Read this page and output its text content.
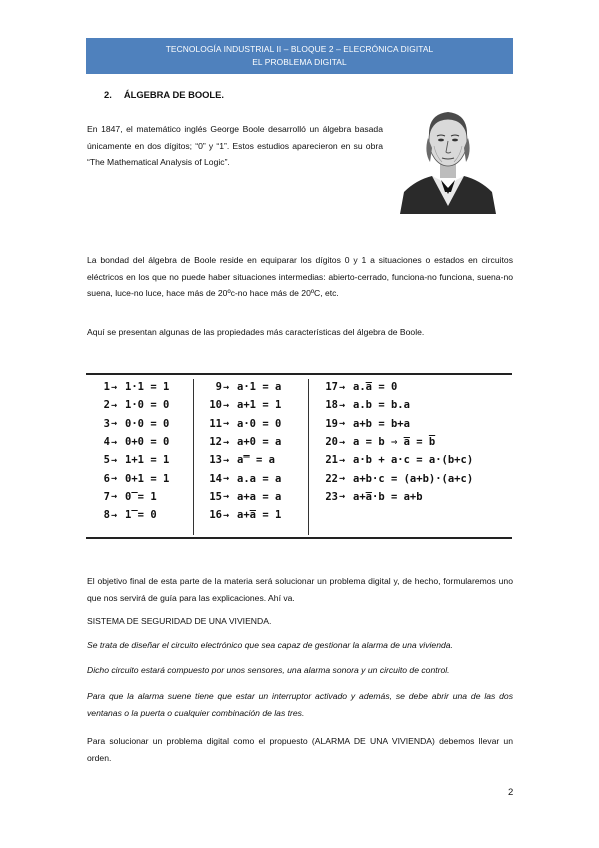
TECNOLOGÍA INDUSTRIAL II – BLOQUE 2 – ELECRÓNICA DIGITAL
EL PROBLEMA DIGITAL
2. ÁLGEBRA DE BOOLE.
En 1847, el matemático inglés George Boole desarrolló un álgebra basada únicamente en dos dígitos; “0” y “1”. Estos estudios aparecieron en su obra “The Mathematical Analysis of Logic”.
La bondad del álgebra de Boole reside en equiparar los dígitos 0 y 1 a situaciones o estados en circuitos eléctricos en los que no puede haber situaciones intermedias: abierto-cerrado, funciona-no funciona, suena-no suena, luce-no luce, hace más de 20ºc-no hace más de 20ºC, etc.
Aquí se presentan algunas de las propiedades más características del álgebra de Boole.
1 → 1·1 = 1
2 → 1·0 = 0
3 → 0·0 = 0
4 → 0+0 = 0
5 → 1+1 = 1
6 → 0+1 = 1
7 → 0̅ = 1
8 → 1̅ = 0
9 → a·1 = a
10 → a+1 = 1
11 → a·0 = 0
12 → a+0 = a
13 → a̿ = a
14 → a.a = a
15 → a+a = a
16 → a+a̅ = 1
17 → a.a̅ = 0
18 → a.b = b.a
19 → a+b = b+a
20 → a = b ⇒ a̅ = b̅
21 → a·b + a·c = a·(b+c)
22 → a+b·c = (a+b)·(a+c)
23 → a+a̅·b = a+b
El objetivo final de esta parte de la materia será solucionar un problema digital y, de hecho, formularemos uno que nos servirá de guía para las explicaciones. Ahí va.
SISTEMA DE SEGURIDAD DE UNA VIVIENDA.
Se trata de diseñar el circuito electrónico que sea capaz de gestionar la alarma de una vivienda.
Dicho circuito estará compuesto por unos sensores, una alarma sonora y un circuito de control.
Para que la alarma suene tiene que estar un interruptor activado y además, se debe abrir una de las dos ventanas o la puerta o cualquier combinación de las tres.
Para solucionar un problema digital como el propuesto (ALARMA DE UNA VIVIENDA) debemos llevar un orden.
2
